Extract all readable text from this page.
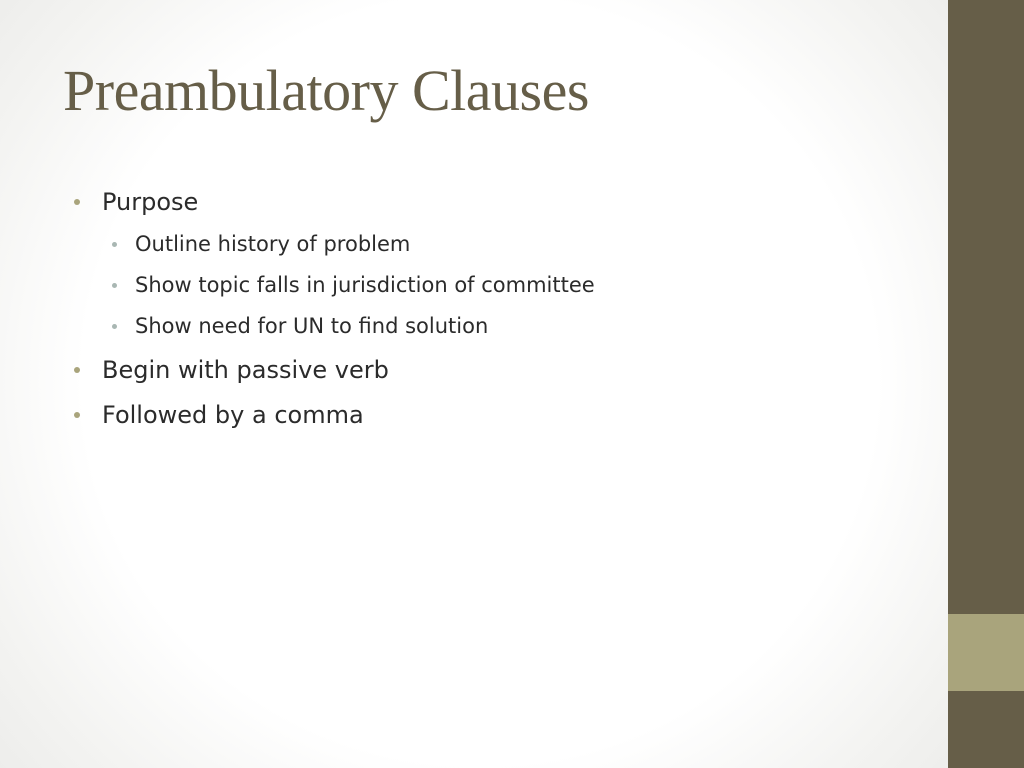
Preambulatory Clauses
Purpose
Outline history of problem
Show topic falls in jurisdiction of committee
Show need for UN to find solution
Begin with passive verb
Followed by a comma
